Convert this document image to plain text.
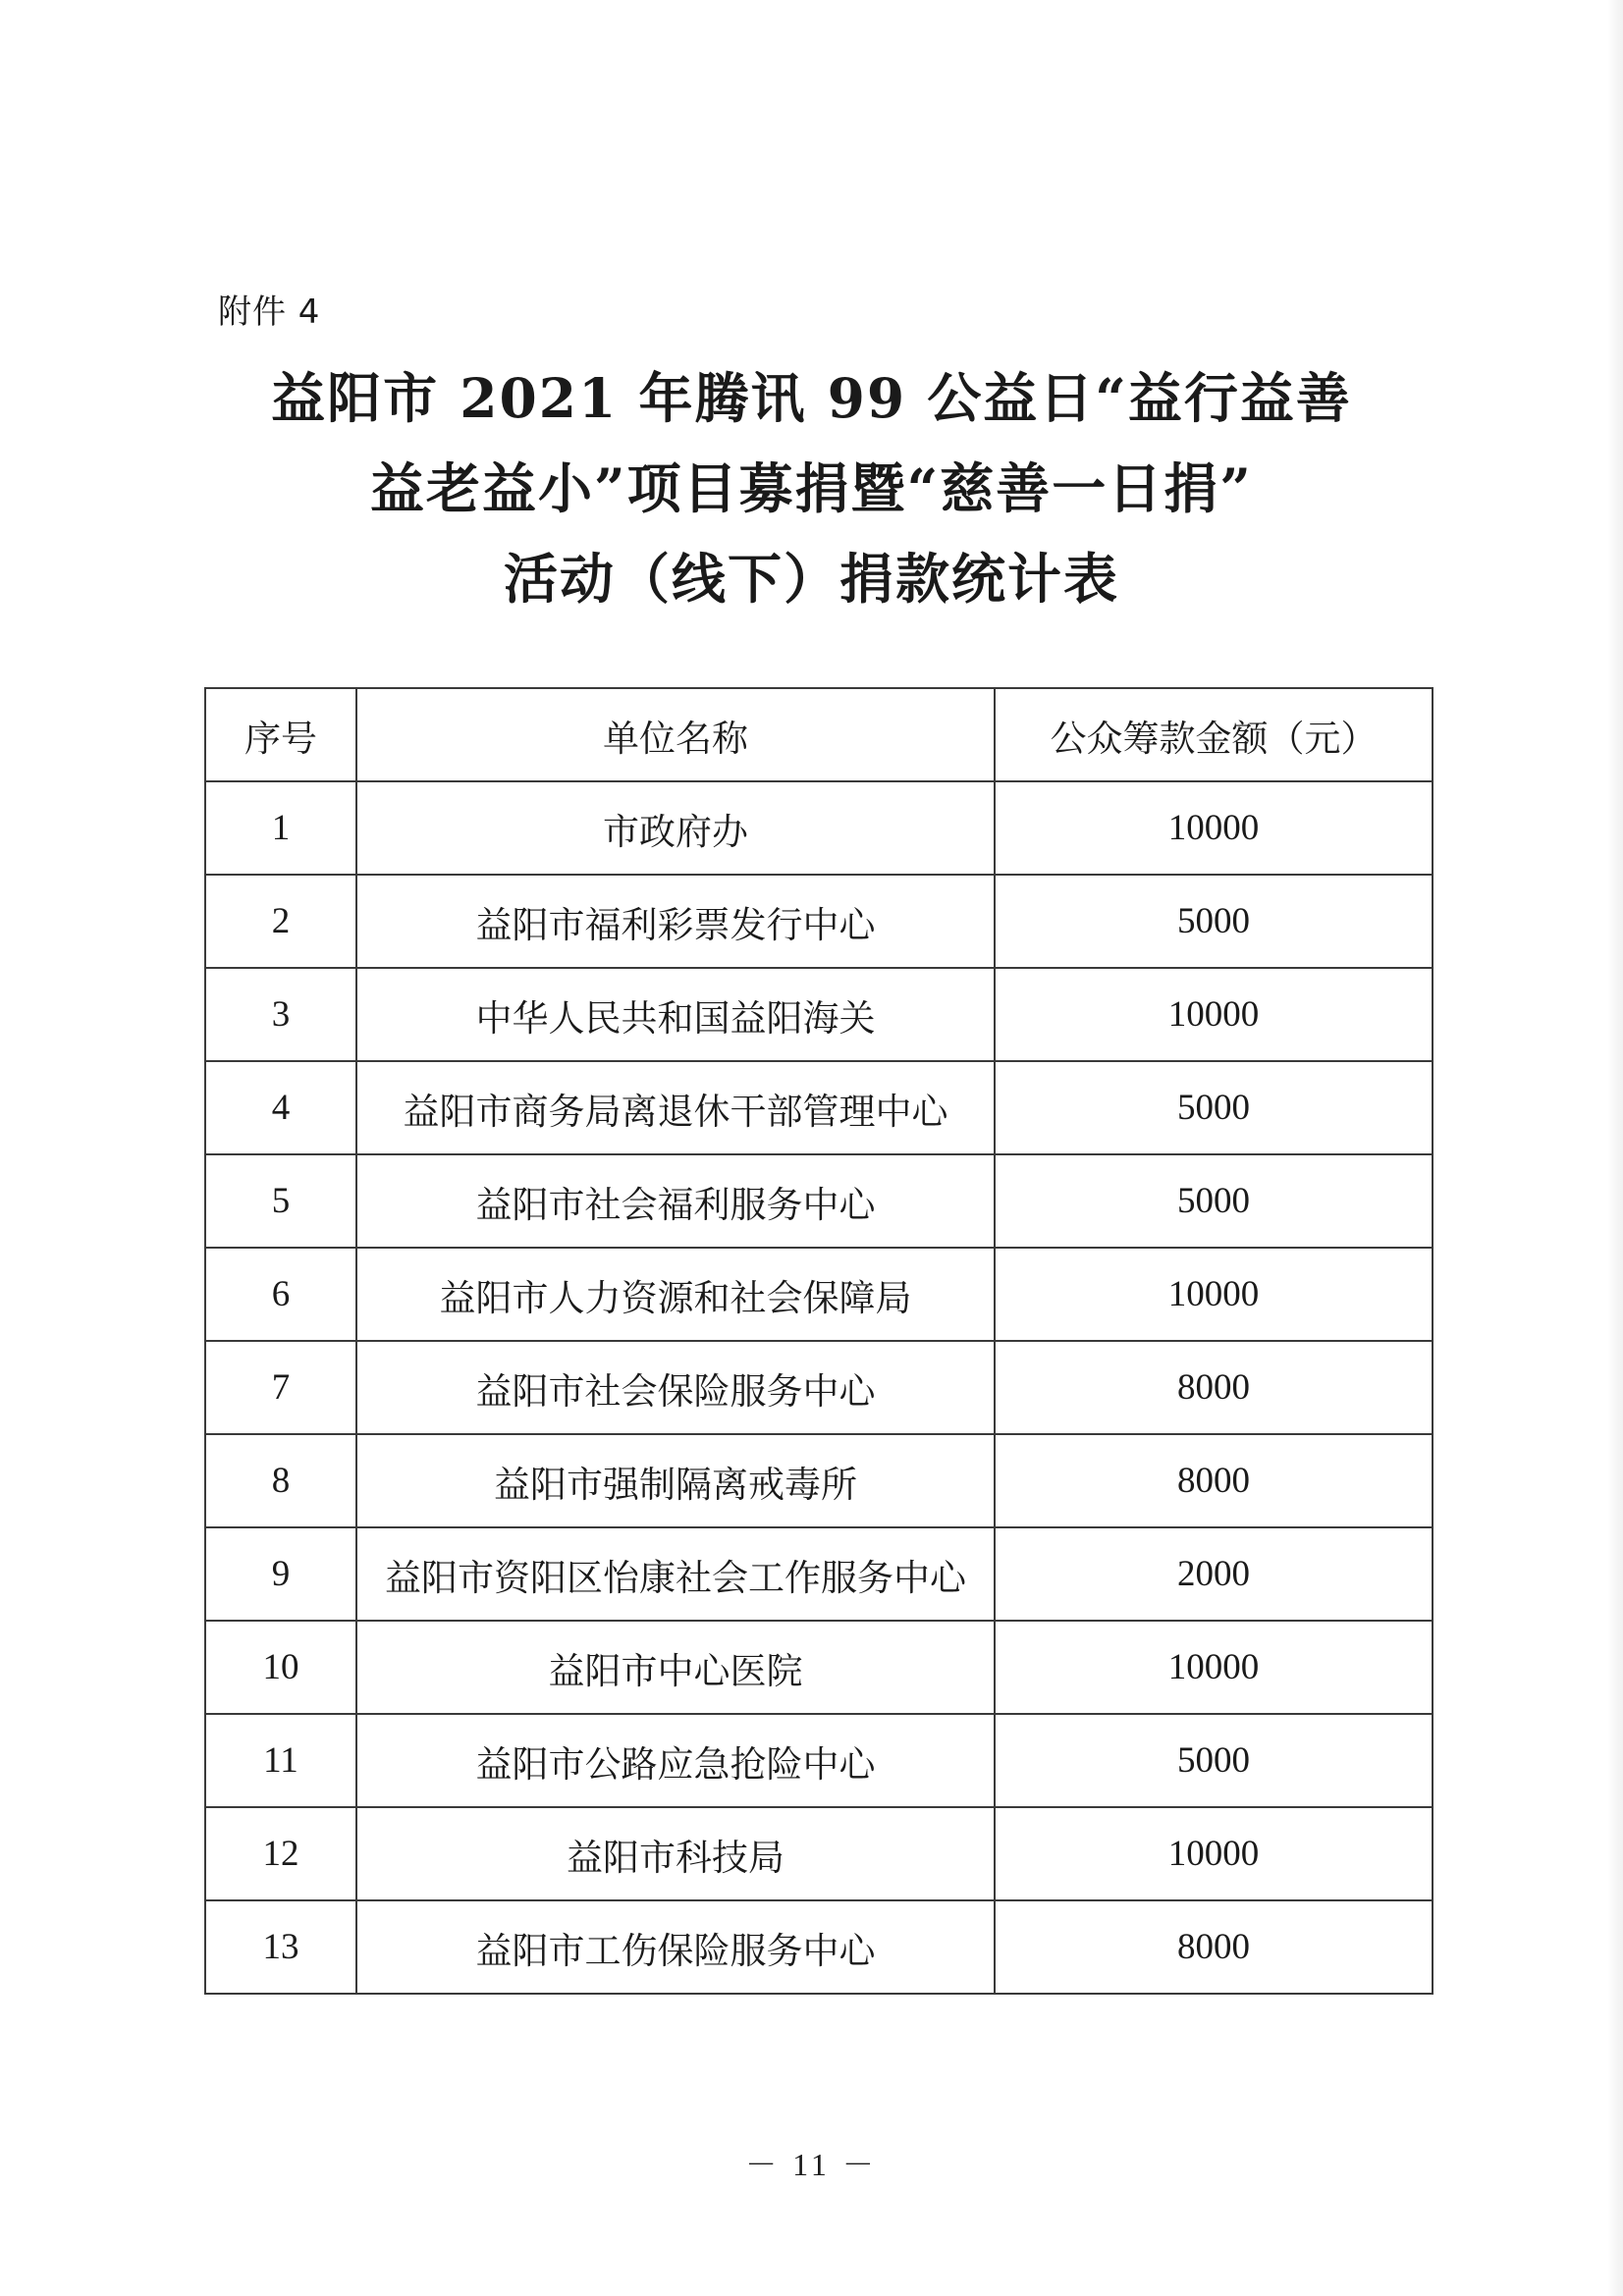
附件 4
益阳市 2021 年腾讯 99 公益日“益行益善
益老益小”项目募捐暨“慈善一日捐”
活动（线下）捐款统计表
序号	单位名称	公众筹款金额（元）
1	市政府办	10000
2	益阳市福利彩票发行中心	5000
3	中华人民共和国益阳海关	10000
4	益阳市商务局离退休干部管理中心	5000
5	益阳市社会福利服务中心	5000
6	益阳市人力资源和社会保障局	10000
7	益阳市社会保险服务中心	8000
8	益阳市强制隔离戒毒所	8000
9	益阳市资阳区怡康社会工作服务中心	2000
10	益阳市中心医院	10000
11	益阳市公路应急抢险中心	5000
12	益阳市科技局	10000
13	益阳市工伤保险服务中心	8000
－ 11 －
